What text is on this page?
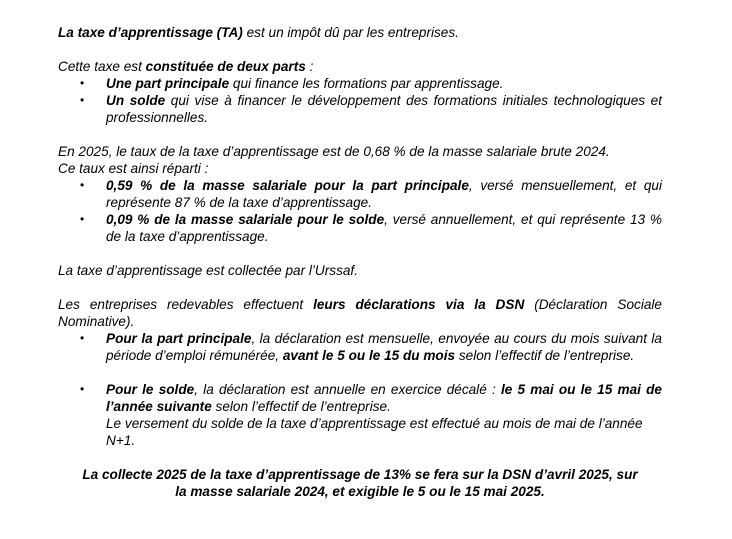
La taxe d’apprentissage (TA) est un impôt dû par les entreprises.

Cette taxe est constituée de deux parts :

• Une part principale qui finance les formations par apprentissage.
• Un solde qui vise à financer le développement des formations initiales technologiques et professionnelles.

En 2025, le taux de la taxe d’apprentissage est de 0,68 % de la masse salariale brute 2024.
Ce taux est ainsi réparti :

• 0,59 % de la masse salariale pour la part principale, versé mensuellement, et qui représente 87 % de la taxe d’apprentissage.
• 0,09 % de la masse salariale pour le solde, versé annuellement, et qui représente 13 % de la taxe d’apprentissage.

La taxe d’apprentissage est collectée par l’Urssaf.

Les entreprises redevables effectuent leurs déclarations via la DSN (Déclaration Sociale Nominative).

• Pour la part principale, la déclaration est mensuelle, envoyée au cours du mois suivant la période d’emploi rémunérée, avant le 5 ou le 15 du mois selon l’effectif de l’entreprise.
• Pour le solde, la déclaration est annuelle en exercice décalé : le 5 mai ou le 15 mai de l’année suivante selon l’effectif de l’entreprise.
Le versement du solde de la taxe d’apprentissage est effectué au mois de mai de l’année N+1.

La collecte 2025 de la taxe d’apprentissage de 13% se fera sur la DSN d’avril 2025, sur
la masse salariale 2024, et exigible le 5 ou le 15 mai 2025.
